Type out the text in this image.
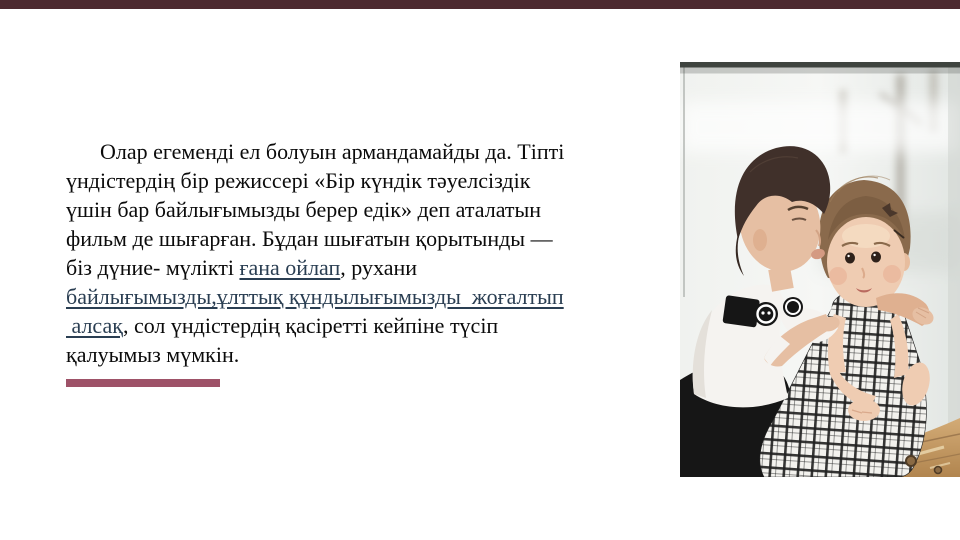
Олар егеменді ел болуын армандамайды да. Тіпті
үндістердің бір режиссері «Бір күндік тәуелсіздік
үшін бар байлығымызды берер едік» деп аталатын
фильм де шығарған. Бұдан шығатын қорытынды —
біз дүние- мүлікті ғана ойлап, рухани
байлығымызды,ұлттық құндылығымызды  жоғалтып
алсақ, сол үндістердің қасіретті кейпіне түсіп
қалуымыз мүмкін.
